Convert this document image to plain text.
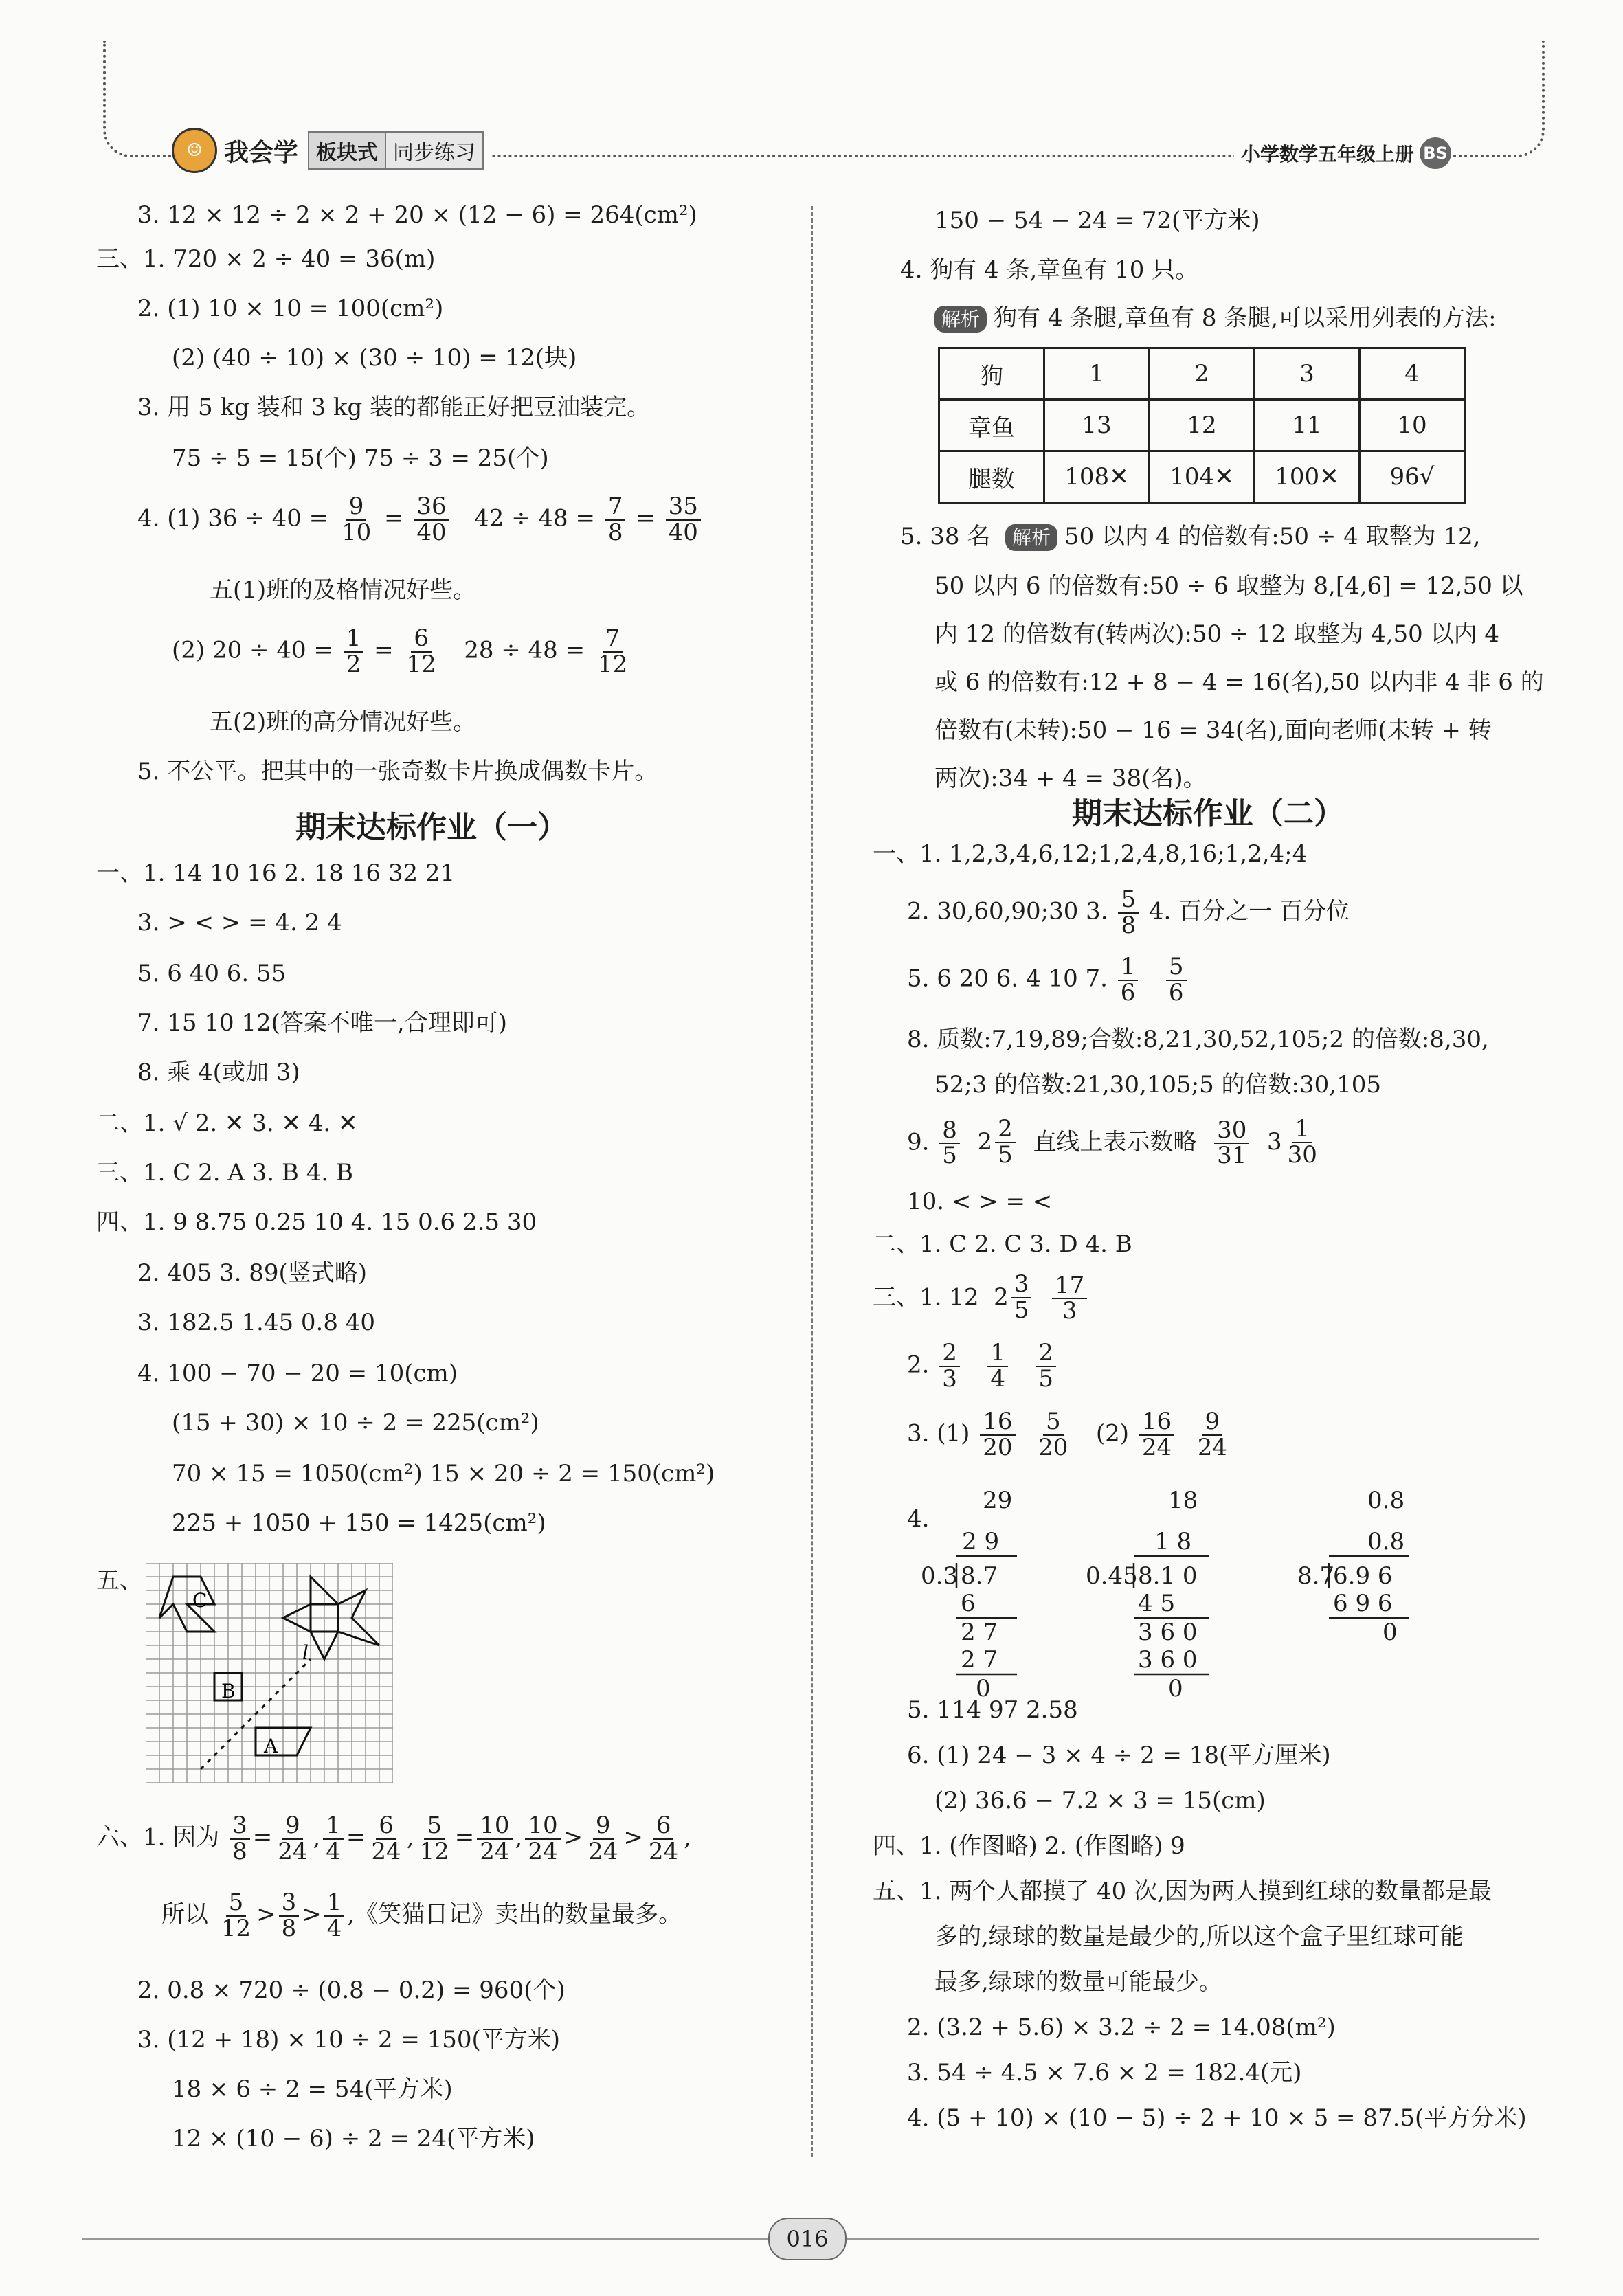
☺ 我会学 板块式 同步练习	小学数学五年级上册 BS
3. 12 × 12 ÷ 2 × 2 + 20 × (12 − 6) = 264(cm²)
三、1. 720 × 2 ÷ 40 = 36(m)
2. (1) 10 × 10 = 100(cm²)
(2) (40 ÷ 10) × (30 ÷ 10) = 12(块)
3. 用 5 kg 装和 3 kg 装的都能正好把豆油装完。
75 ÷ 5 = 15(个) 75 ÷ 3 = 25(个)
4. (1) $36 \div 40 = \frac{9}{10} = \frac{36}{40} 42 \div 48 = \frac{7}{8} = \frac{35}{40}$
五(1)班的及格情况好些。
(2) $20 \div 40 = \frac{1}{2} = \frac{6}{12} 28 \div 48 = \frac{7}{12}$
五(2)班的高分情况好些。
5. 不公平。把其中的一张奇数卡片换成偶数卡片。
期末达标作业（一）
一、1. 14 10 16 2. 18 16 32 21
3. > < > = 4. 2 4
5. 6 40 6. 55
7. 15 10 12(答案不唯一,合理即可)
8. 乘 4(或加 3)
二、1. √ 2. ✕ 3. ✕ 4. ✕
三、1. C 2. A 3. B 4. B
四、1. 9 8.75 0.25 10 4. 15 0.6 2.5 30
2. 405 3. 89(竖式略)
3. 182.5 1.45 0.8 40
4. 100 − 70 − 20 = 10(cm)
(15 + 30) × 10 ÷ 2 = 225(cm²)
70 × 15 = 1050(cm²) 15 × 20 ÷ 2 = 150(cm²)
225 + 1050 + 150 = 1425(cm²)
五、
C
B
A
l
六、1. 因为 $\frac{3}{8} = \frac{9}{24}$ , $\frac{1}{4} = \frac{6}{24}$ , $\frac{5}{12} = \frac{10}{24}$ , $\frac{10}{24} > \frac{9}{24} > \frac{6}{24}$ ,
所以 $\frac{5}{12} > \frac{3}{8} > \frac{1}{4}$ ,《笑猫日记》卖出的数量最多。
2. 0.8 × 720 ÷ (0.8 − 0.2) = 960(个)
3. (12 + 18) × 10 ÷ 2 = 150(平方米)
18 × 6 ÷ 2 = 54(平方米)
12 × (10 − 6) ÷ 2 = 24(平方米)
150 − 54 − 24 = 72(平方米)
4. 狗有 4 条,章鱼有 10 只。
解析 狗有 4 条腿,章鱼有 8 条腿,可以采用列表的方法:
狗	1	2	3	4
章鱼	13	12	11	10
腿数	108✕	104✕	100✕	96√
5. 38 名 解析 50 以内 4 的倍数有:50 ÷ 4 取整为 12,
50 以内 6 的倍数有:50 ÷ 6 取整为 8,[4,6] = 12,50 以
内 12 的倍数有(转两次):50 ÷ 12 取整为 4,50 以内 4
或 6 的倍数有:12 + 8 − 4 = 16(名),50 以内非 4 非 6 的
倍数有(未转):50 − 16 = 34(名),面向老师(未转 + 转
两次):34 + 4 = 38(名)。
期末达标作业（二）
一、1. 1,2,3,4,6,12;1,2,4,8,16;1,2,4;4
2. 30,60,90;30 3. $\frac{5}{8} 4$. 百分之一 百分位
5. 6 20 6. 4 10 7. $\frac{1}{6}$
$\frac{5}{6}$
8. 质数:7,19,89;合数:8,21,30,52,105;2 的倍数:8,30,
52;3 的倍数:21,30,105;5 的倍数:30,105
9. $\frac{8}{5}$
$2 \frac{2}{5}$ 直线上表示数略 $\frac{30}{31}$
$3 \frac{1}{30}$
10. < > = <
二、1. C 2. C 3. D 4. B
三、1. 12 $2 \frac{3}{5}$
$\frac{17}{3}$
2. $\frac{2}{3}$
$\frac{1}{4}$
$\frac{2}{5}$
3. $(1) \frac{16}{20}$
$\frac{5}{20} (2) \frac{16}{24}$
$\frac{9}{24}$
4.
29
2 9
0.3 8.7
6
2 7
2 7
0
18
1 8
0.45 8.1 0
4 5
3 6 0
3 6 0
0
0.8
0.8
8.7
6.9 6
6 9 6
0
5. 114 97 2.58
6. (1) 24 − 3 × 4 ÷ 2 = 18(平方厘米)
(2) 36.6 − 7.2 × 3 = 15(cm)
四、1. (作图略) 2. (作图略) 9
五、1. 两个人都摸了 40 次,因为两人摸到红球的数量都是最
多的,绿球的数量是最少的,所以这个盒子里红球可能
最多,绿球的数量可能最少。
2. (3.2 + 5.6) × 3.2 ÷ 2 = 14.08(m²)
3. 54 ÷ 4.5 × 7.6 × 2 = 182.4(元)
4. (5 + 10) × (10 − 5) ÷ 2 + 10 × 5 = 87.5(平方分米)
016
